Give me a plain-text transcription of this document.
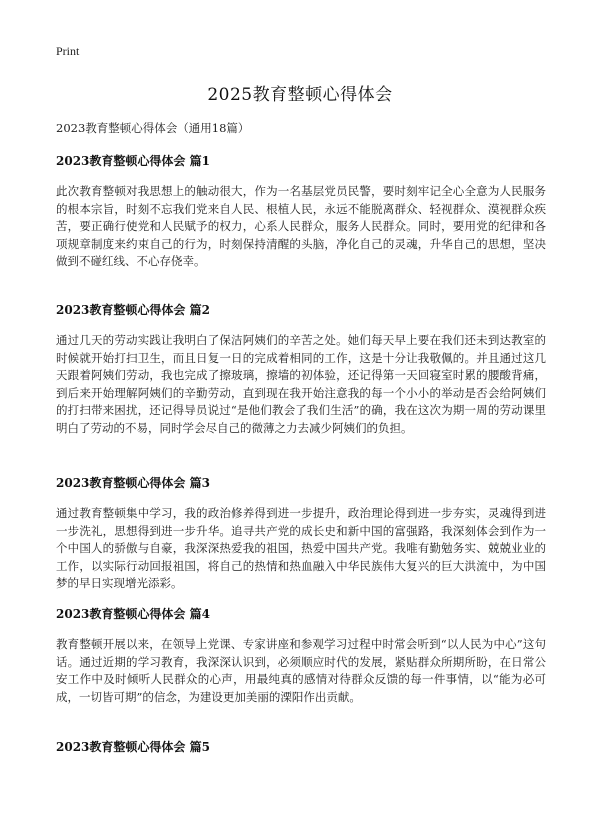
Print
2025教育整顿心得体会

2023教育整顿心得体会（通用18篇）

2023教育整顿心得体会 篇1

此次教育整顿对我思想上的触动很大，作为一名基层党员民警，要时刻牢记全心全意为人民服务的根本宗旨，时刻不忘我们党来自人民、根植人民，永远不能脱离群众、轻视群众、漠视群众疾苦，要正确行使党和人民赋予的权力，心系人民群众，服务人民群众。同时，要用党的纪律和各项规章制度来约束自己的行为，时刻保持清醒的头脑，净化自己的灵魂，升华自己的思想，坚决做到不碰红线、不心存侥幸。

2023教育整顿心得体会 篇2

通过几天的劳动实践让我明白了保洁阿姨们的辛苦之处。她们每天早上要在我们还未到达教室的时候就开始打扫卫生，而且日复一日的完成着相同的工作，这是十分让我敬佩的。并且通过这几天跟着阿姨们劳动，我也完成了擦玻璃，擦墙的初体验，还记得第一天回寝室时累的腰酸背痛，到后来开始理解阿姨们的辛勤劳动，直到现在我开始注意我的每一个小小的举动是否会给阿姨们的打扫带来困扰，还记得导员说过“是他们教会了我们生活”的确，我在这次为期一周的劳动课里明白了劳动的不易，同时学会尽自己的微薄之力去减少阿姨们的负担。

2023教育整顿心得体会 篇3

通过教育整顿集中学习，我的政治修养得到进一步提升，政治理论得到进一步夯实，灵魂得到进一步洗礼，思想得到进一步升华。追寻共产党的成长史和新中国的富强路，我深刻体会到作为一个中国人的骄傲与自豪，我深深热爱我的祖国，热爱中国共产党。我唯有勤勉务实、兢兢业业的工作，以实际行动回报祖国，将自己的热情和热血融入中华民族伟大复兴的巨大洪流中，为中国梦的早日实现增光添彩。

2023教育整顿心得体会 篇4

教育整顿开展以来，在领导上党课、专家讲座和参观学习过程中时常会听到“以人民为中心”这句话。通过近期的学习教育，我深深认识到，必须顺应时代的发展，紧贴群众所期所盼，在日常公安工作中及时倾听人民群众的心声，用最纯真的感情对待群众反馈的每一件事情，以“能为必可成，一切皆可期”的信念，为建设更加美丽的溧阳作出贡献。

2023教育整顿心得体会 篇5
